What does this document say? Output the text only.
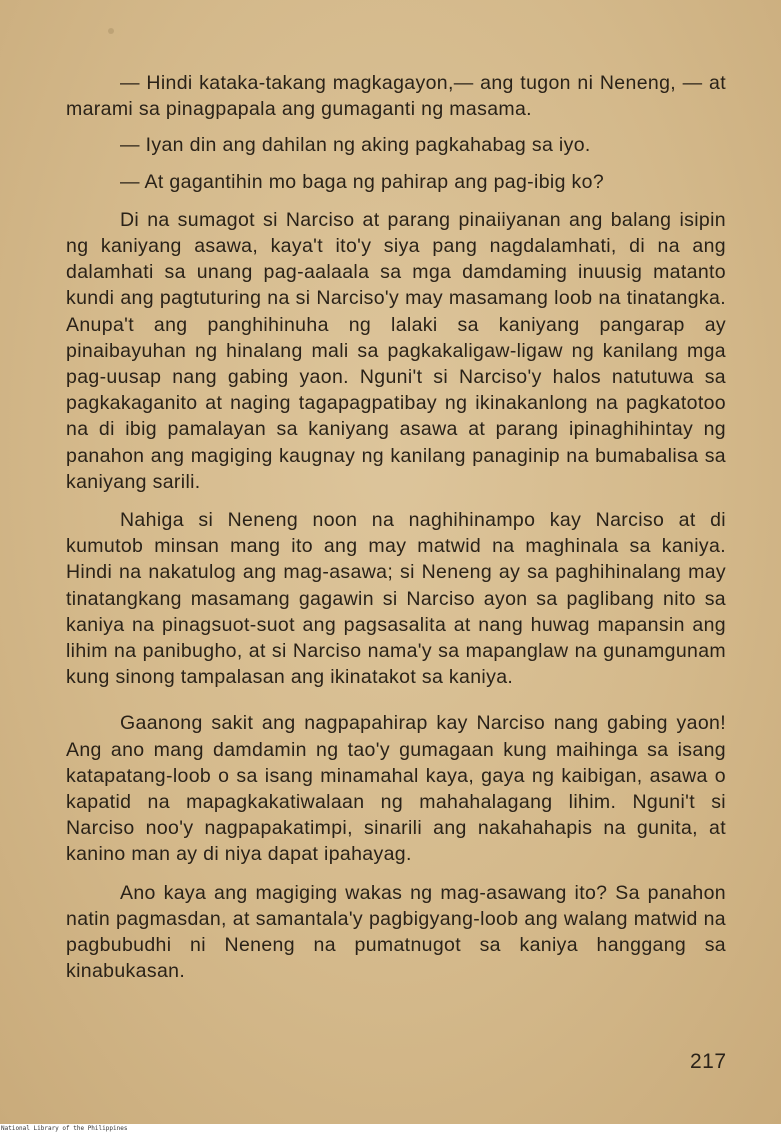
— Hindi kataka-takang magkagayon,— ang tugon ni Neneng, — at marami sa pinagpapala ang gumaganti ng masama.

— Iyan din ang dahilan ng aking pagkahabag sa iyo.

— At gagantihin mo baga ng pahirap ang pag-ibig ko?

Di na sumagot si Narciso at parang pinaiiyanan ang balang isipin ng kaniyang asawa, kaya't ito'y siya pang nagdalamhati, di na ang dalamhati sa unang pag-aalaala sa mga damdaming inuusig matanto kundi ang pagtuturing na si Narciso'y may masamang loob na tinatangka. Anupa't ang panghihinuha ng lalaki sa kaniyang pangarap ay pinaibayuhan ng hinalang mali sa pagkakaligaw-ligaw ng kanilang mga pag-uusap nang gabing yaon. Nguni't si Narciso'y halos natutuwa sa pagkakaganito at naging tagapagpatibay ng ikinakanlong na pagkatotoo na di ibig pamalayan sa kaniyang asawa at parang ipinaghihintay ng panahon ang magiging kaugnay ng kanilang panaginip na bumabalisa sa kaniyang sarili.

Nahiga si Neneng noon na naghihinampo kay Narciso at di kumutob minsan mang ito ang may matwid na maghinala sa kaniya. Hindi na nakatulog ang mag-asawa; si Neneng ay sa paghihinalang may tinatangkang masamang gagawin si Narciso ayon sa paglibang nito sa kaniya na pinagsuot-suot ang pagsasalita at nang huwag mapansin ang lihim na panibugho, at si Narciso nama'y sa mapanglaw na gunamgunam kung sinong tampalasan ang ikinatakot sa kaniya.

Gaanong sakit ang nagpapahirap kay Narciso nang gabing yaon! Ang ano mang damdamin ng tao'y gumagaan kung maihinga sa isang katapatang-loob o sa isang minamahal kaya, gaya ng kaibigan, asawa o kapatid na mapagkakatiwalaan ng mahahalagang lihim. Nguni't si Narciso noo'y nagpapakatimpi, sinarili ang nakahahapis na gunita, at kanino man ay di niya dapat ipahayag.

Ano kaya ang magiging wakas ng mag-asawang ito? Sa panahon natin pagmasdan, at samantala'y pagbigyang-loob ang walang matwid na pagbubudhi ni Neneng na pumatnugot sa kaniya hanggang sa kinabukasan.

217
National Library of the Philippines
